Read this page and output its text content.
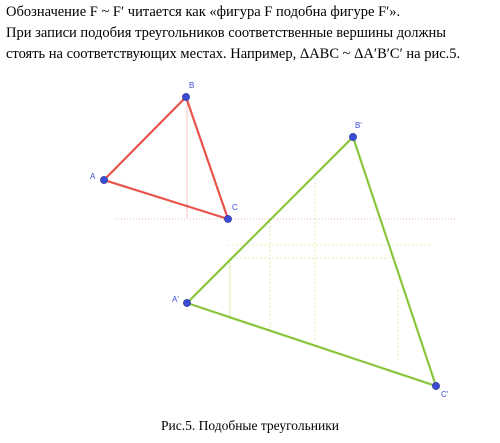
Обозначение F ~ F′ читается как «фигура F подобна фигуре F′».
При записи подобия треугольников соответственные вершины должны
стоять на соответствующих местах. Например, ΔABC ~ ΔA′B′C′ на рис.5.
A
B
C
A'
B'
C'
Рис.5. Подобные треугольники
